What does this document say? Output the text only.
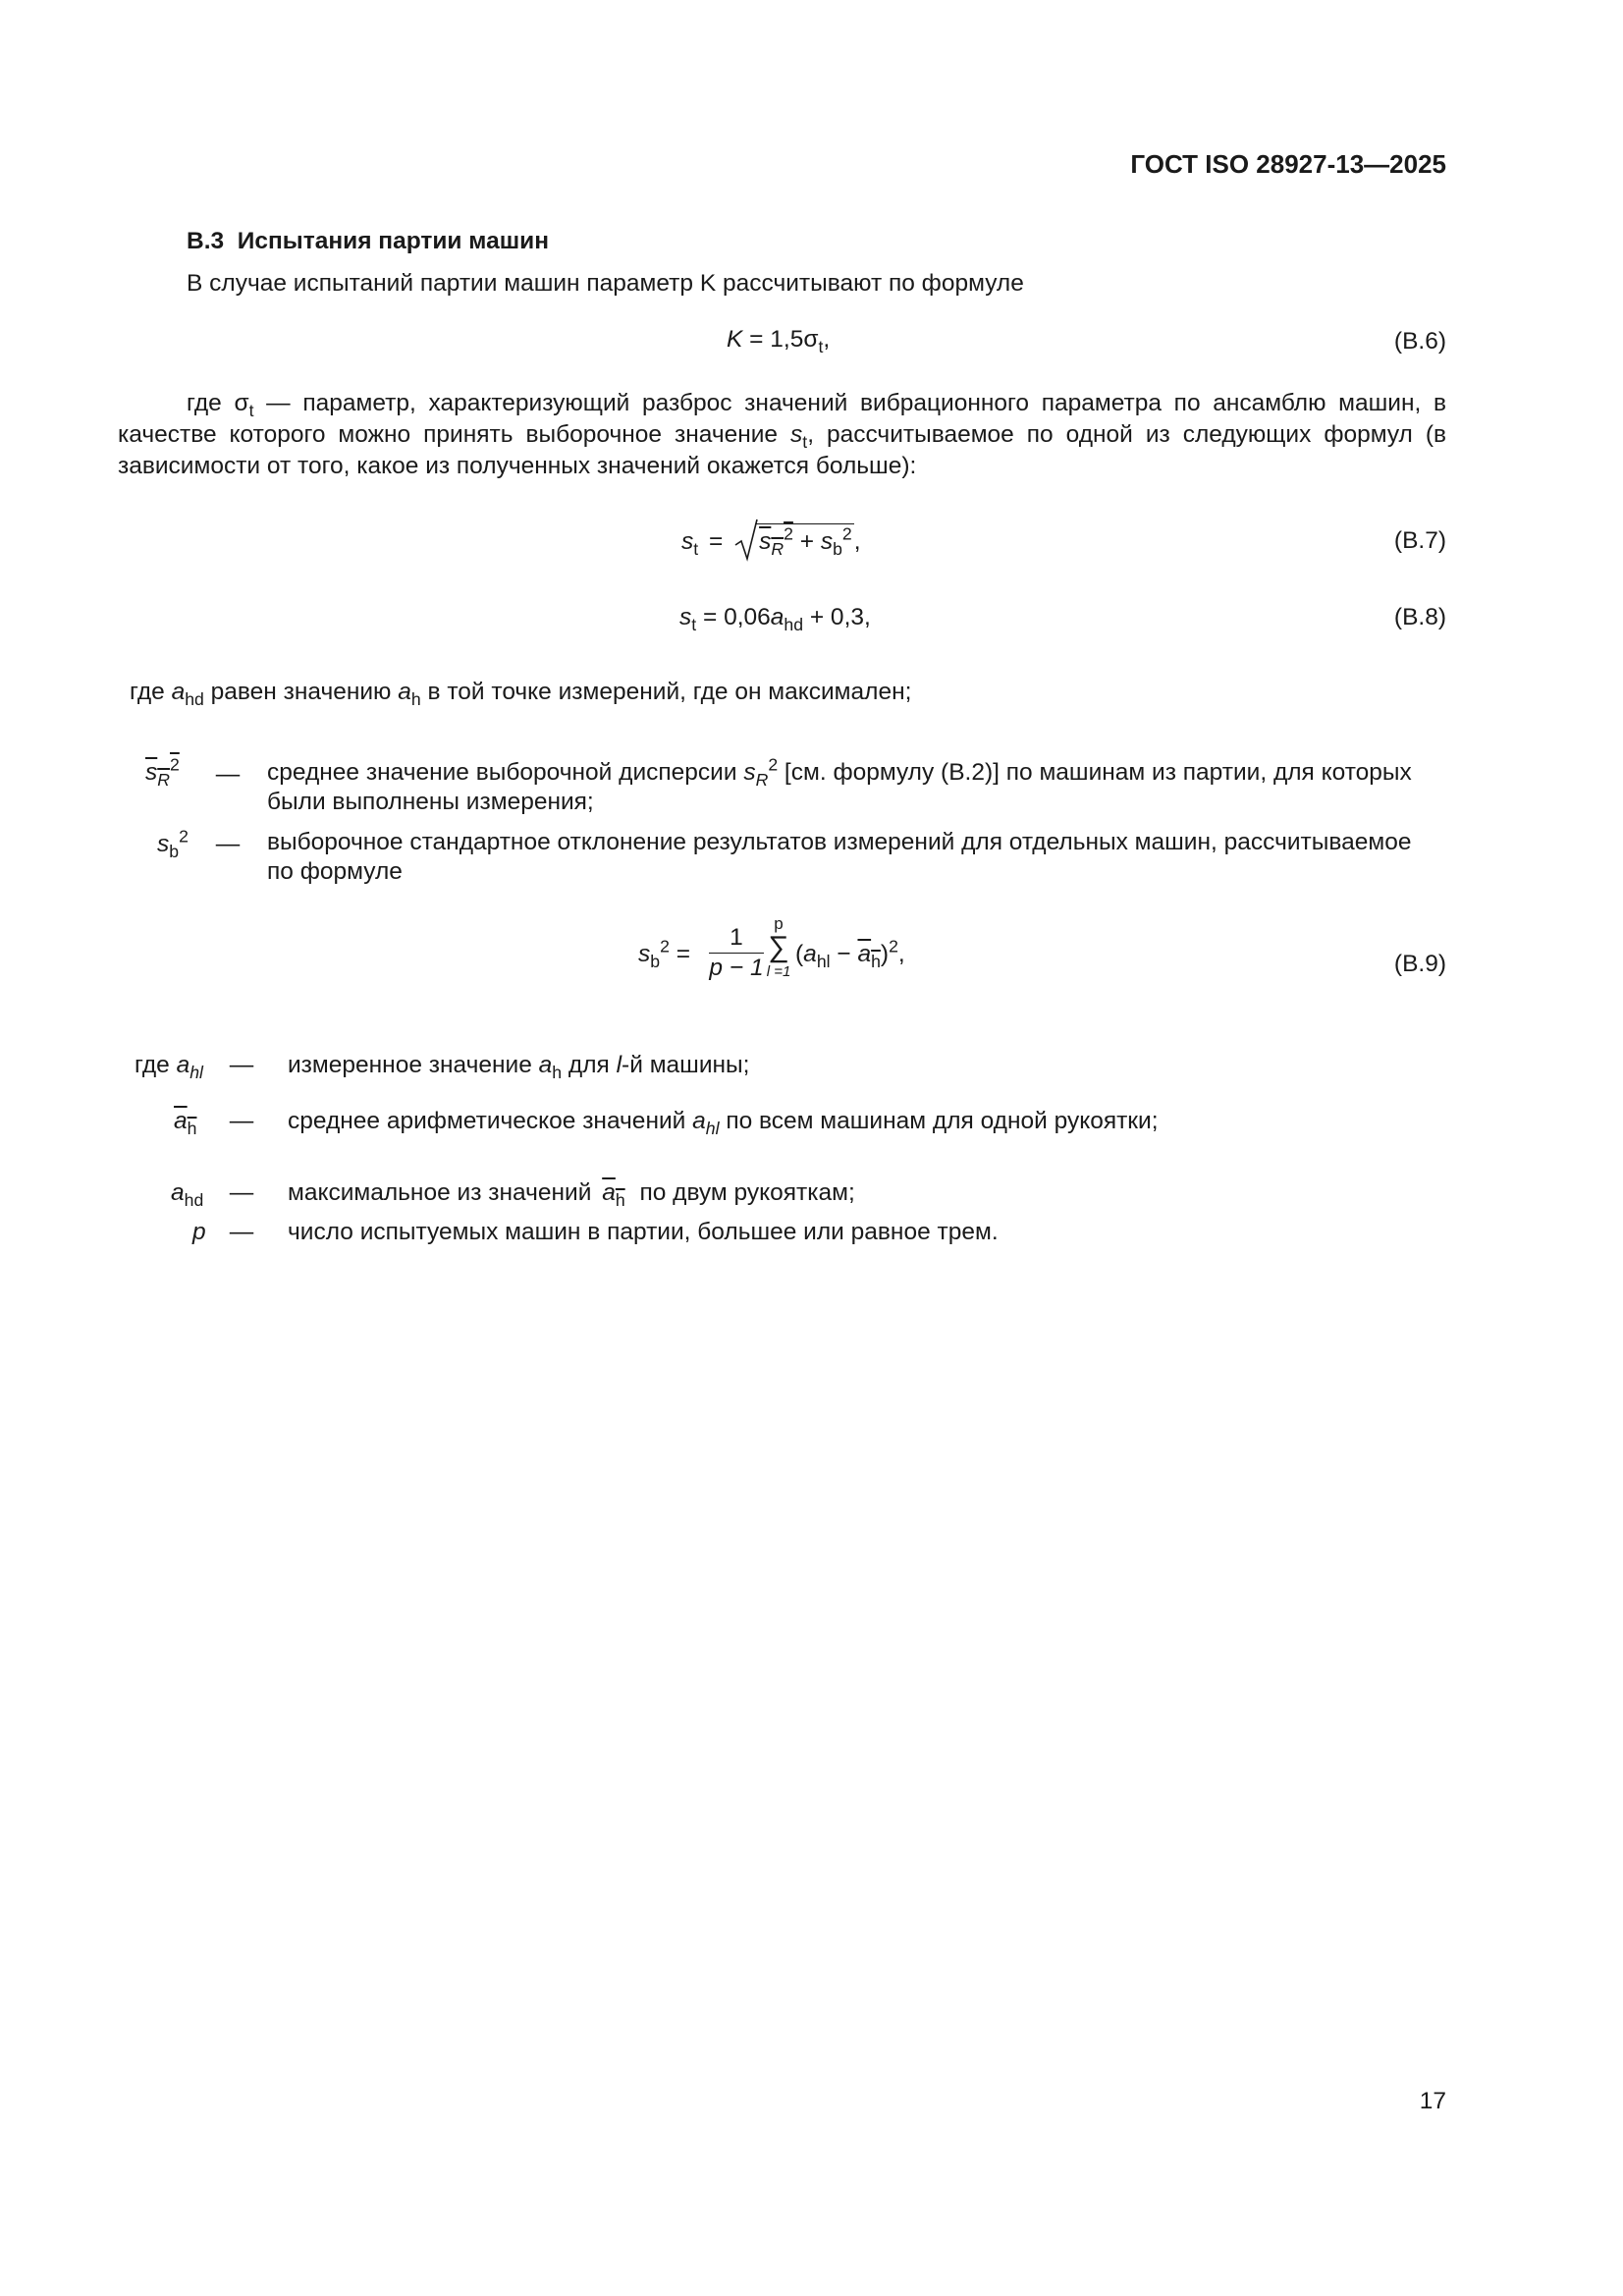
ГОСТ ISO 28927-13—2025
В.3 Испытания партии машин
В случае испытаний партии машин параметр K рассчитывают по формуле
$K = 1,5\sigma_t$,	(B.6)
где $\sigma_t$ — параметр, характеризующий разброс значений вибрационного параметра по ансамблю машин, в качестве которого можно принять выборочное значение $s_t$, рассчитываемое по одной из следующих формул (в зависимости от того, какое из полученных значений окажется больше):
$s_t = s_R^2 + s_b^2$,	(B.7)
$s_t = 0,06a_{hd} + 0,3$,	(B.8)
где $a_{hd}$ равен значению $a_h$ в той точке измерений, где он максимален;
$s_R^2$	—	среднее значение выборочной дисперсии $s_R^2$ [см. формулу (B.2)] по машинам из партии, для которых были выполнены измерения;
$s_b^2$	—	выборочное стандартное отклонение результатов измерений для отдельных машин, рассчитываемое по формуле
$s_b^2$ =
1
p − 1
p
∑
l =1
$(a_{hl} - a_h)^2$,	(B.9)
где $a_{hl}$	—	измеренное значение $a_h$ для l-й машины;
$a_h$	—	среднее арифметическое значений $a_{hl}$ по всем машинам для одной рукоятки;
$a_{hd}$	—	максимальное из значений $a_h$ по двум рукояткам;
p —	число испытуемых машин в партии, большее или равное трем.
17
